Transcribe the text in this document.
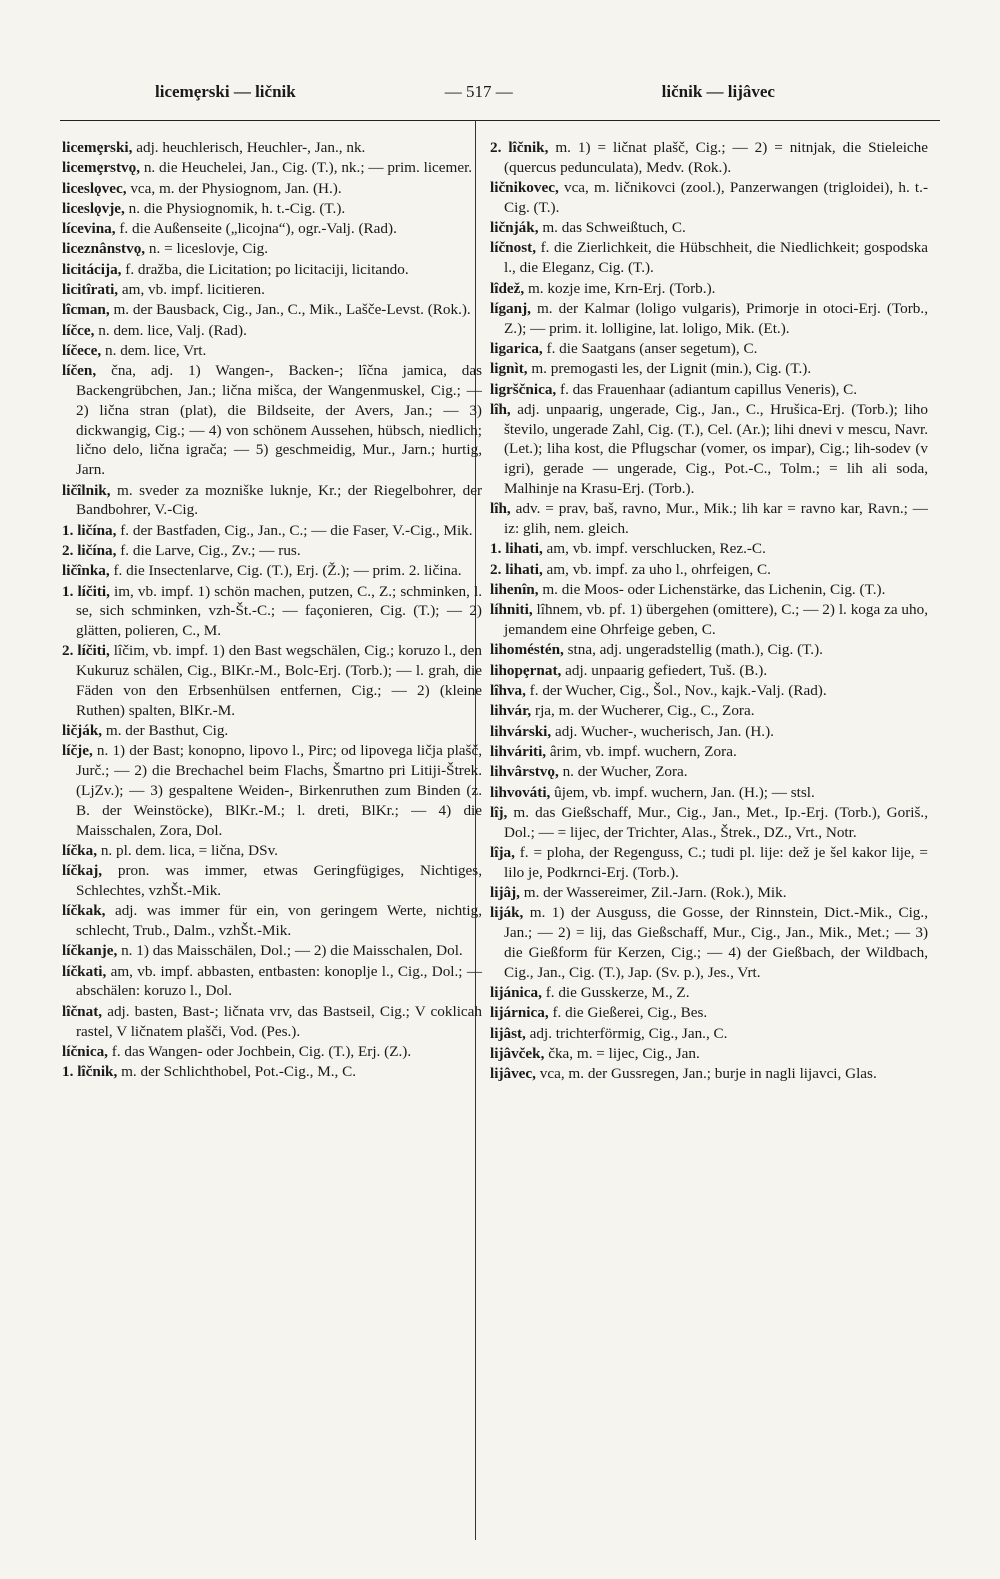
licemȩrski — ličnik	— 517 —	ličnik — lijâvec
licemȩrski, adj. heuchlerisch, Heuchler-, Jan., nk.
licemȩrstvǫ, n. die Heuchelei, Jan., Cig. (T.), nk.; — prim. licemer.
liceslǫvec, vca, m. der Physiognom, Jan. (H.).
liceslǫvje, n. die Physiognomik, h. t.-Cig. (T.).
lícevina, f. die Außenseite („licojna“), ogr.-Valj. (Rad).
liceznânstvǫ, n. = liceslovje, Cig.
licitácija, f. dražba, die Licitation; po licitaciji, licitando.
licitîrati, am, vb. impf. licitieren.
lîcman, m. der Bausback, Cig., Jan., C., Mik., Lašče-Levst. (Rok.).
líčce, n. dem. lice, Valj. (Rad).
líčece, n. dem. lice, Vrt.
líčen, čna, adj. 1) Wangen-, Backen-; lîčna jamica, das Backengrübchen, Jan.; lična mišca, der Wangenmuskel, Cig.; — 2) lična stran (plat), die Bildseite, der Avers, Jan.; — 3) dickwangig, Cig.; — 4) von schönem Aussehen, hübsch, niedlich; lično delo, lična igrača; — 5) geschmeidig, Mur., Jarn.; hurtig, Jarn.
ličîlnik, m. sveder za mozniške luknje, Kr.; der Riegelbohrer, der Bandbohrer, V.-Cig.
1. ličína, f. der Bastfaden, Cig., Jan., C.; — die Faser, V.-Cig., Mik.
2. ličína, f. die Larve, Cig., Zv.; — rus.
ličînka, f. die Insectenlarve, Cig. (T.), Erj. (Ž.); — prim. 2. ličina.
1. líčiti, im, vb. impf. 1) schön machen, putzen, C., Z.; schminken, l. se, sich schminken, vzh-Št.-C.; — façonieren, Cig. (T.); — 2) glätten, polieren, C., M.
2. líčiti, lîčim, vb. impf. 1) den Bast wegschälen, Cig.; koruzo l., den Kukuruz schälen, Cig., BlKr.-M., Bolc-Erj. (Torb.); — l. grah, die Fäden von den Erbsenhülsen entfernen, Cig.; — 2) (kleine Ruthen) spalten, BlKr.-M.
ličják, m. der Basthut, Cig.
líčje, n. 1) der Bast; konopno, lipovo l., Pirc; od lipovega ličja plašč, Jurč.; — 2) die Brechachel beim Flachs, Šmartno pri Litiji-Štrek. (LjZv.); — 3) gespaltene Weiden-, Birkenruthen zum Binden (z. B. der Weinstöcke), BlKr.-M.; l. dreti, BlKr.; — 4) die Maisschalen, Zora, Dol.
líčka, n. pl. dem. lica, = lična, DSv.
líčkaj, pron. was immer, etwas Geringfügiges, Nichtiges, Schlechtes, vzhŠt.-Mik.
líčkak, adj. was immer für ein, von geringem Werte, nichtig, schlecht, Trub., Dalm., vzhŠt.-Mik.
líčkanje, n. 1) das Maisschälen, Dol.; — 2) die Maisschalen, Dol.
líčkati, am, vb. impf. abbasten, entbasten: konoplje l., Cig., Dol.; — abschälen: koruzo l., Dol.
lîčnat, adj. basten, Bast-; ličnata vrv, das Bastseil, Cig.; V coklicah rastel, V ličnatem plašči, Vod. (Pes.).
líčnica, f. das Wangen- oder Jochbein, Cig. (T.), Erj. (Z.).
1. lîčnik, m. der Schlichthobel, Pot.-Cig., M., C.
2. lîčnik, m. 1) = ličnat plašč, Cig.; — 2) = nitnjak, die Stieleiche (quercus pedunculata), Medv. (Rok.).
ličnikovec, vca, m. ličnikovci (zool.), Panzerwangen (trigloidei), h. t.-Cig. (T.).
ličnják, m. das Schweißtuch, C.
líčnost, f. die Zierlichkeit, die Hübschheit, die Niedlichkeit; gospodska l., die Eleganz, Cig. (T.).
lîdež, m. kozje ime, Krn-Erj. (Torb.).
líganj, m. der Kalmar (loligo vulgaris), Primorje in otoci-Erj. (Torb., Z.); — prim. it. lolligine, lat. loligo, Mik. (Et.).
ligarica, f. die Saatgans (anser segetum), C.
lignìt, m. premogasti les, der Lignit (min.), Cig. (T.).
ligrščnica, f. das Frauenhaar (adiantum capillus Veneris), C.
lîh, adj. unpaarig, ungerade, Cig., Jan., C., Hrušica-Erj. (Torb.); liho število, ungerade Zahl, Cig. (T.), Cel. (Ar.); lihi dnevi v mescu, Navr. (Let.); liha kost, die Pflugschar (vomer, os impar), Cig.; lih-sodev (v igri), gerade — ungerade, Cig., Pot.-C., Tolm.; = lih ali soda, Malhinje na Krasu-Erj. (Torb.).
lîh, adv. = prav, baš, ravno, Mur., Mik.; lih kar = ravno kar, Ravn.; — iz: glih, nem. gleich.
1. lihati, am, vb. impf. verschlucken, Rez.-C.
2. lihati, am, vb. impf. za uho l., ohrfeigen, C.
lihenîn, m. die Moos- oder Lichenstärke, das Lichenin, Cig. (T.).
líhniti, lîhnem, vb. pf. 1) übergehen (omittere), C.; — 2) l. koga za uho, jemandem eine Ohrfeige geben, C.
lihoméstén, stna, adj. ungeradstellig (math.), Cig. (T.).
lihopȩrnat, adj. unpaarig gefiedert, Tuš. (B.).
lîhva, f. der Wucher, Cig., Šol., Nov., kajk.-Valj. (Rad).
lihvár, rja, m. der Wucherer, Cig., C., Zora.
lihvárski, adj. Wucher-, wucherisch, Jan. (H.).
lihváriti, ârim, vb. impf. wuchern, Zora.
lihvârstvǫ, n. der Wucher, Zora.
lihvováti, ûjem, vb. impf. wuchern, Jan. (H.); — stsl.
lîj, m. das Gießschaff, Mur., Cig., Jan., Met., Ip.-Erj. (Torb.), Goriš., Dol.; — = lijec, der Trichter, Alas., Štrek., DZ., Vrt., Notr.
lîja, f. = ploha, der Regenguss, C.; tudi pl. lije: dež je šel kakor lije, = lilo je, Podkrnci-Erj. (Torb.).
lijâj, m. der Wassereimer, Zil.-Jarn. (Rok.), Mik.
liják, m. 1) der Ausguss, die Gosse, der Rinnstein, Dict.-Mik., Cig., Jan.; — 2) = lij, das Gießschaff, Mur., Cig., Jan., Mik., Met.; — 3) die Gießform für Kerzen, Cig.; — 4) der Gießbach, der Wildbach, Cig., Jan., Cig. (T.), Jap. (Sv. p.), Jes., Vrt.
lijánica, f. die Gusskerze, M., Z.
lijárnica, f. die Gießerei, Cig., Bes.
lijâst, adj. trichterförmig, Cig., Jan., C.
lijâvček, čka, m. = lijec, Cig., Jan.
lijâvec, vca, m. der Gussregen, Jan.; burje in nagli lijavci, Glas.
